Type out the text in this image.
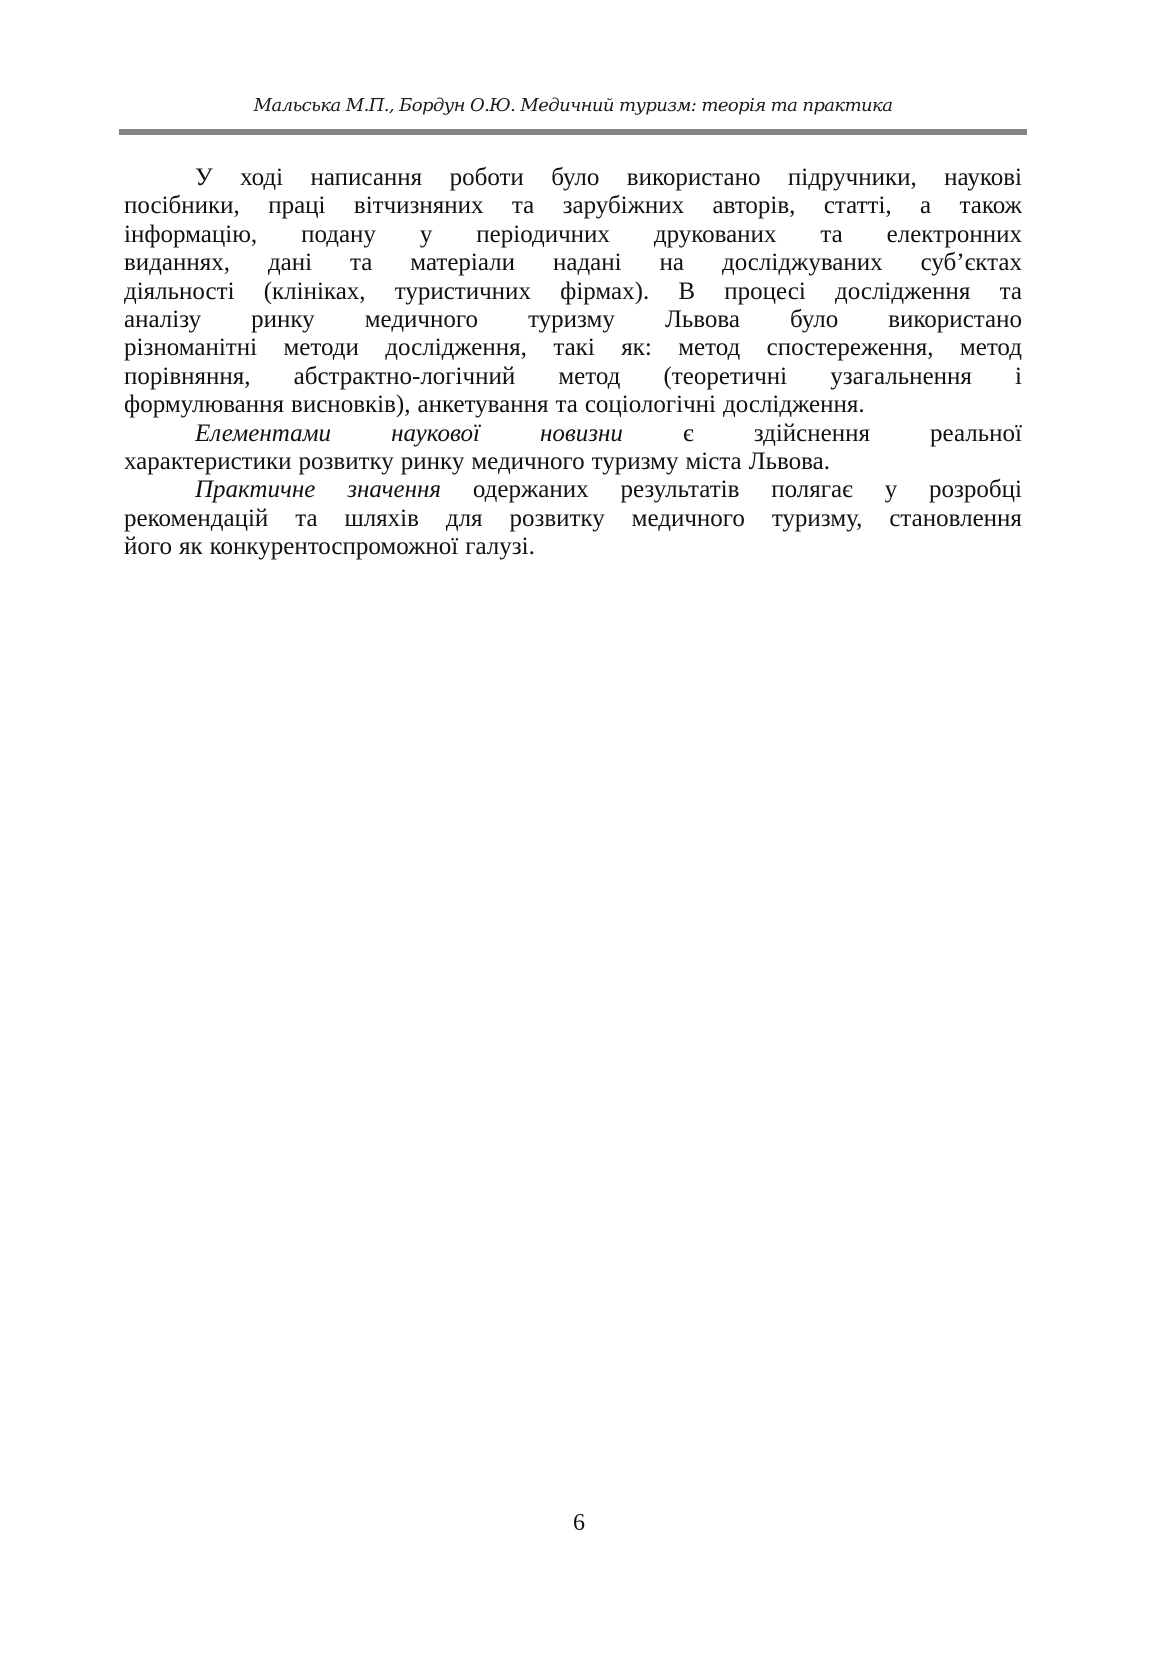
Мальська М.П., Бордун О.Ю. Медичний туризм: теорія та практика
У ході написання роботи було використано підручники, наукові
посібники, праці вітчизняних та зарубіжних авторів, статті, а також
інформацію, подану у періодичних друкованих та електронних
виданнях, дані та матеріали надані на досліджуваних суб’єктах
діяльності (клініках, туристичних фірмах). В процесі дослідження та
аналізу ринку медичного туризму Львова було використано
різноманітні методи дослідження, такі як: метод спостереження, метод
порівняння, абстрактно-логічний метод (теоретичні узагальнення і
формулювання висновків), анкетування та соціологічні дослідження.
Елементами наукової новизни є здійснення реальної
характеристики розвитку ринку медичного туризму міста Львова.
Практичне значення одержаних результатів полягає у розробці
рекомендацій та шляхів для розвитку медичного туризму, становлення
його як конкурентоспроможної галузі.
6
